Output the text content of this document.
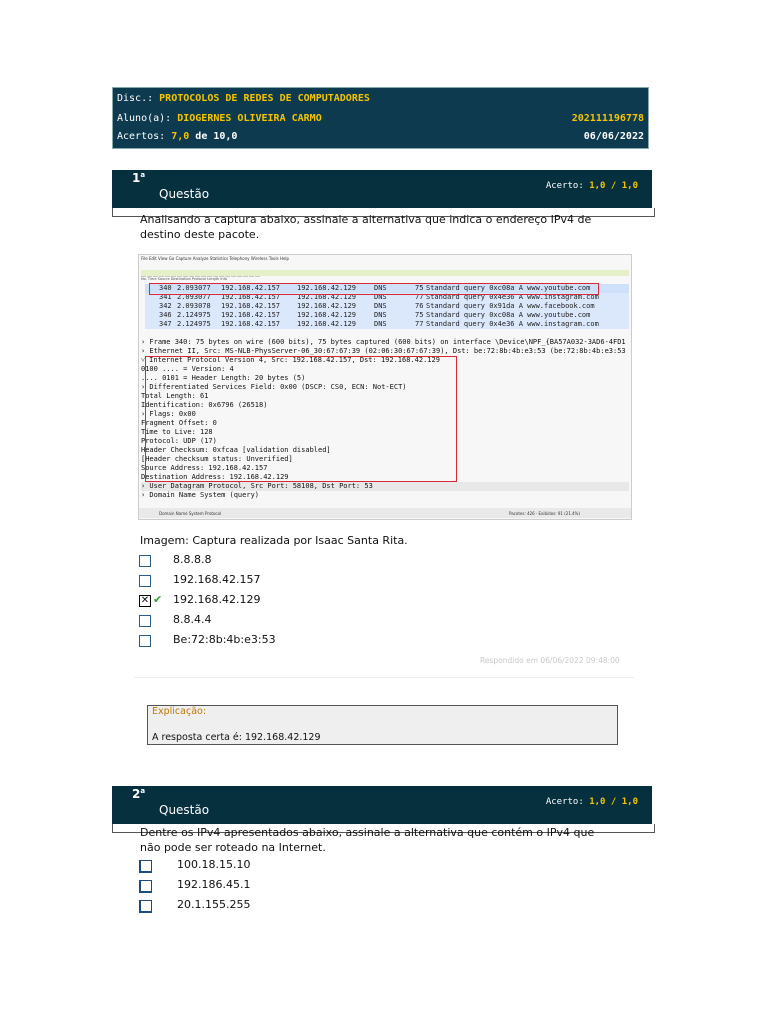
Disc.: PROTOCOLOS DE REDES DE COMPUTADORES
Aluno(a): DIOGERNES OLIVEIRA CARMO	202111196778
Acertos: 7,0 de 10,0	06/06/2022
1$^a$
Questão
Acerto: 1,0 / 1,0
Analisando a captura abaixo, assinale a alternativa que indica o endereço IPv4 de destino deste pacote.
File Edit View Go Capture Analyze Statistics Telephony Wireless Tools Help
No. Time Source Destination Protocol Length Info
340 2.093077 192.168.42.157 192.168.42.129	DNS	75 Standard query 0xc08a A www.youtube.com
341 2.093077 192.168.42.157 192.168.42.129	DNS	77 Standard query 0x4e36 A www.instagram.com
342 2.093078 192.168.42.157 192.168.42.129	DNS	76 Standard query 0x91da A www.facebook.com
346 2.124975 192.168.42.157 192.168.42.129	DNS	75 Standard query 0xc08a A www.youtube.com
347 2.124975 192.168.42.157 192.168.42.129	DNS	77 Standard query 0x4e36 A www.instagram.com
› Frame 340: 75 bytes on wire (600 bits), 75 bytes captured (600 bits) on interface \Device\NPF_{BA57A032-3AD6-4FD1
› Ethernet II, Src: MS-NLB-PhysServer-06_30:67:67:39 (02:06:30:67:67:39), Dst: be:72:8b:4b:e3:53 (be:72:8b:4b:e3:53
˅ Internet Protocol Version 4, Src: 192.168.42.157, Dst: 192.168.42.129
0100 .... = Version: 4
.... 0101 = Header Length: 20 bytes (5)
› Differentiated Services Field: 0x00 (DSCP: CS0, ECN: Not-ECT)
Total Length: 61
Identification: 0x6796 (26518)
› Flags: 0x00
Fragment Offset: 0
Time to Live: 128
Protocol: UDP (17)
Header Checksum: 0xfcaa [validation disabled]
[Header checksum status: Unverified]
Source Address: 192.168.42.157
Destination Address: 192.168.42.129
› User Datagram Protocol, Src Port: 58108, Dst Port: 53
› Domain Name System (query)
Domain Name System Protocol	Pacotes: 426 · Exibidos: 91 (21.4%)
Imagem: Captura realizada por Isaac Santa Rita.
8.8.8.8
192.168.42.157
✕ ✔ 192.168.42.129
8.8.4.4
Be:72:8b:4b:e3:53
Respondido em 06/06/2022 09:48:00
Explicação:
A resposta certa é: 192.168.42.129
2$^a$
Questão
Acerto: 1,0 / 1,0
Dentre os IPv4 apresentados abaixo, assinale a alternativa que contém o IPv4 que não pode ser roteado na Internet.
100.18.15.10
192.186.45.1
20.1.155.255
